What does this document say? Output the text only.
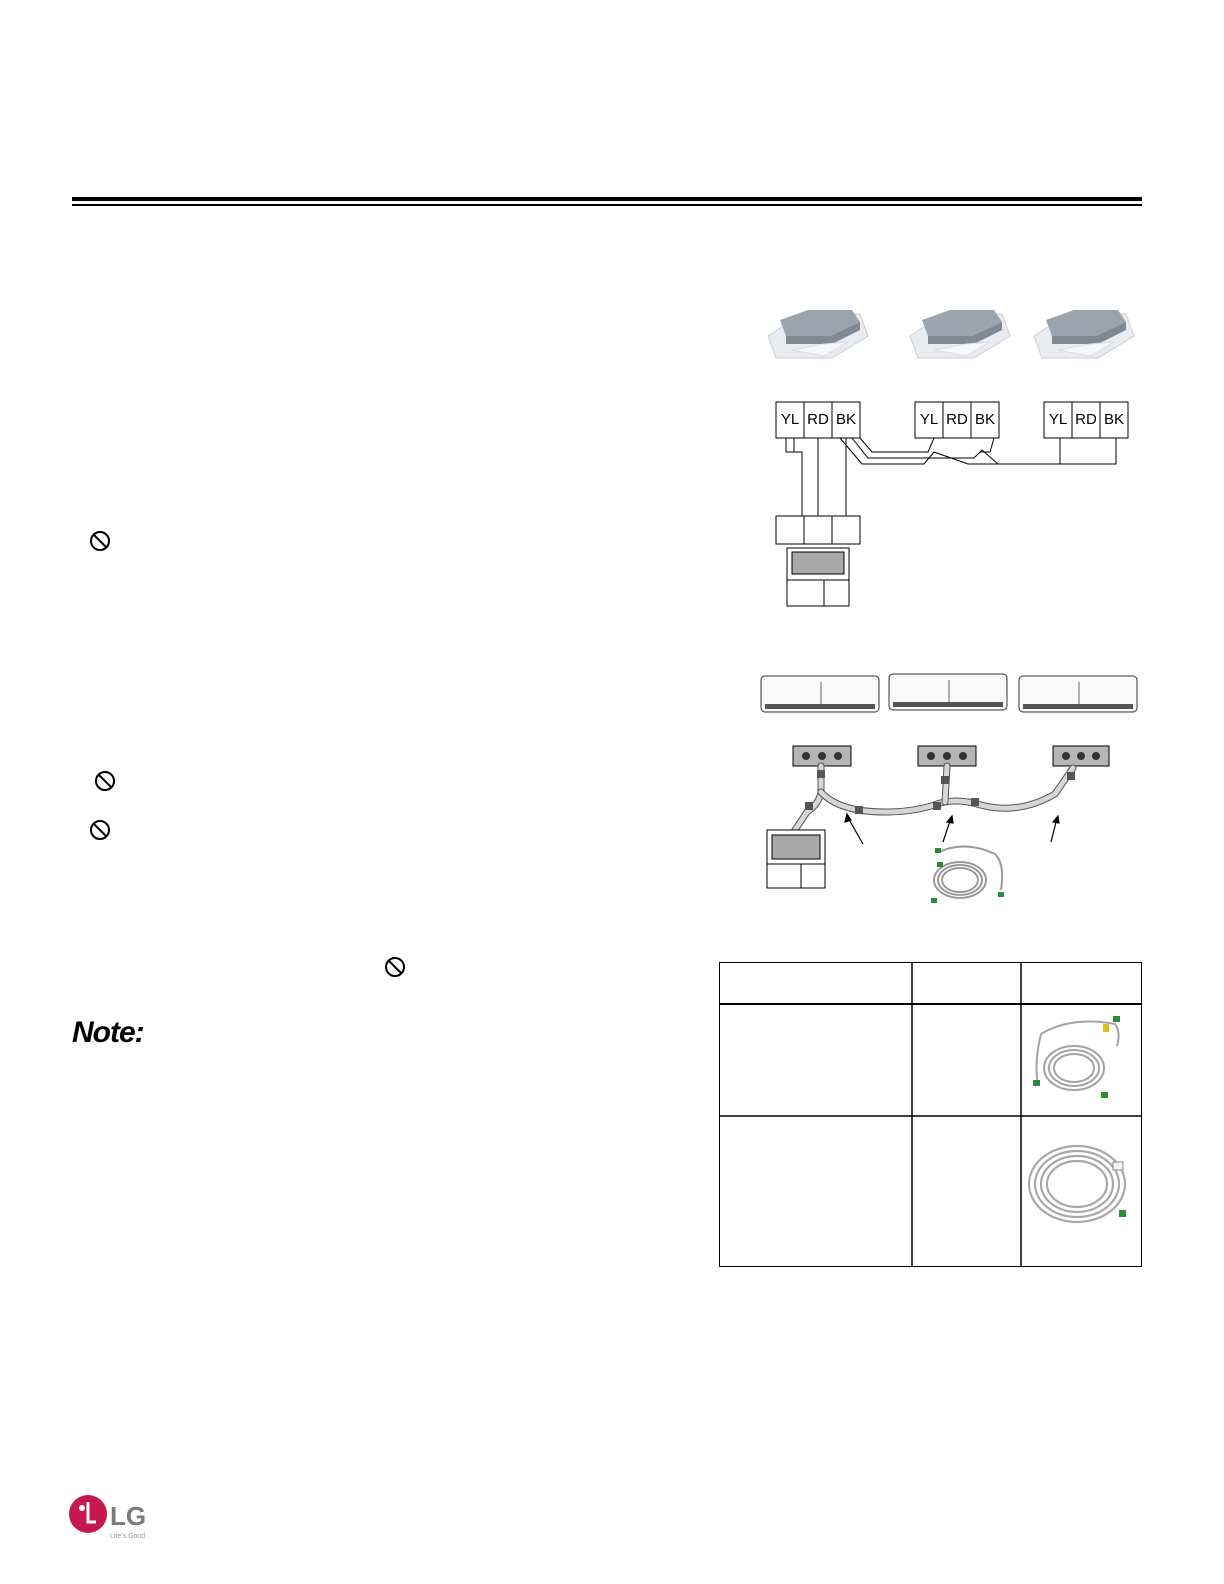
Note:
YL RD BK	YL RD BK	YL RD BK
LG
Life's Good
